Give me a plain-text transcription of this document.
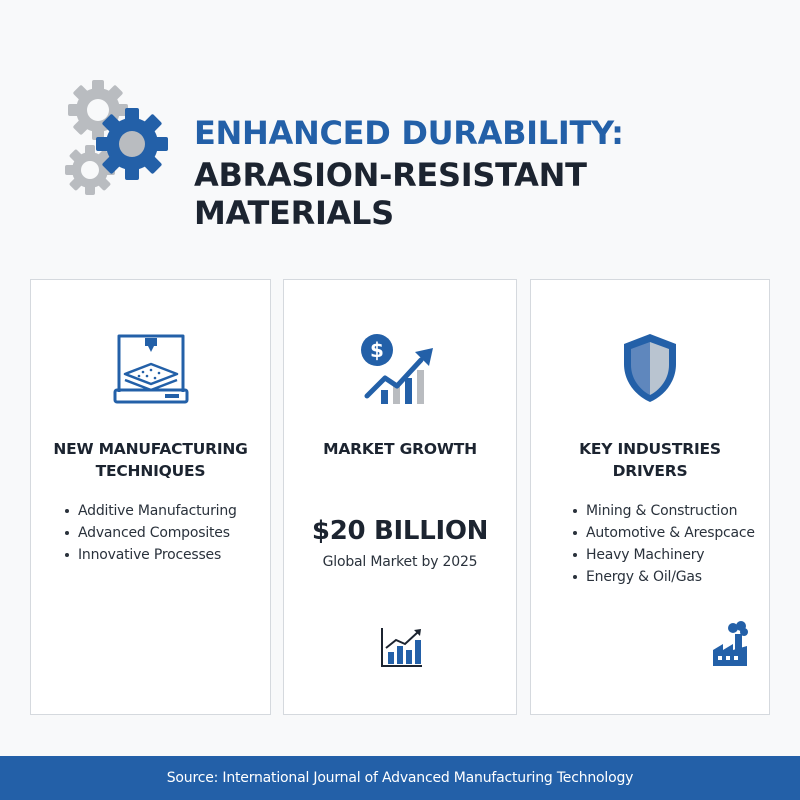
ENHANCED DURABILITY:
ABRASION-RESISTANT MATERIALS
NEW MANUFACTURING
TECHNIQUES
Additive Manufacturing
Advanced Composites
Innovative Processes
$
MARKET GROWTH
$20 BILLION
Global Market by 2025
KEY INDUSTRIES
DRIVERS
Mining & Construction
Automotive & Arespcace
Heavy Machinery
Energy & Oil/Gas
Source: International Journal of Advanced Manufacturing Technology
